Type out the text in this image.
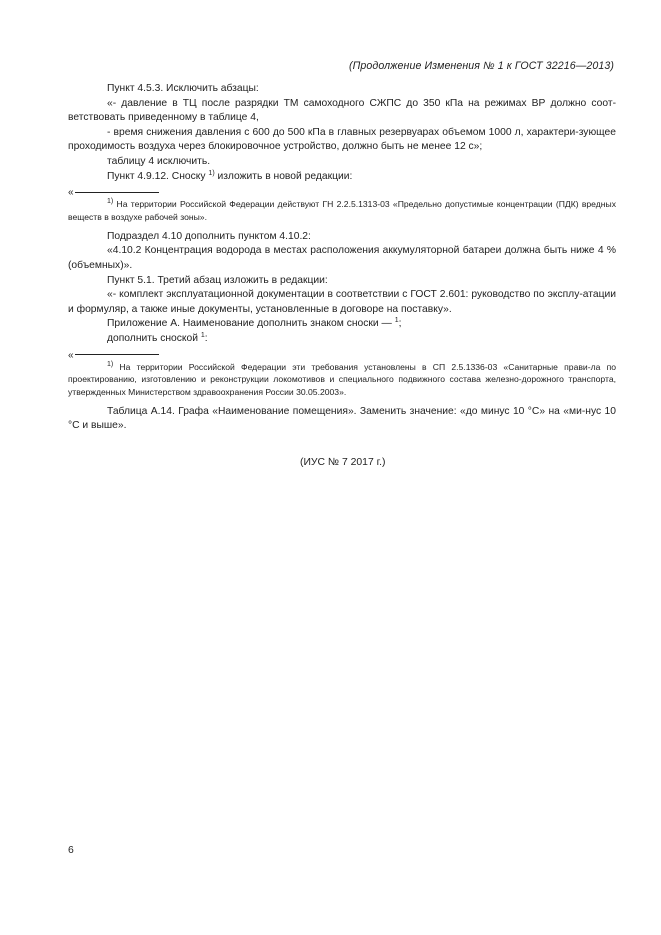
(Продолжение Изменения № 1 к ГОСТ 32216—2013)

Пункт 4.5.3. Исключить абзацы:

«- давление в ТЦ после разрядки ТМ самоходного СЖПС до 350 кПа на режимах ВР должно соот-ветствовать приведенному в таблице 4,

- время снижения давления с 600 до 500 кПа в главных резервуарах объемом 1000 л, характери-зующее проходимость воздуха через блокировочное устройство, должно быть не менее 12 с»;

таблицу 4 исключить.

Пункт 4.9.12. Сноску $^{1)}$ изложить в новой редакции:

«

$^{1)}$ На территории Российской Федерации действуют ГН 2.2.5.1313-03 «Предельно допустимые концентрации (ПДК) вредных веществ в воздухе рабочей зоны».

Подраздел 4.10 дополнить пунктом 4.10.2:

«4.10.2 Концентрация водорода в местах расположения аккумуляторной батареи должна быть ниже 4 % (объемных)».

Пункт 5.1. Третий абзац изложить в редакции:

«- комплект эксплуатационной документации в соответствии с ГОСТ 2.601: руководство по эксплу-атации и формуляр, а также иные документы, установленные в договоре на поставку».

Приложение А. Наименование дополнить знаком сноски — $^1$;

дополнить сноской $^1$:

«

$^{1)}$ На территории Российской Федерации эти требования установлены в СП 2.5.1336-03 «Санитарные прави-ла по проектированию, изготовлению и реконструкции локомотивов и специального подвижного состава железно-дорожного транспорта, утвержденных Министерством здравоохранения России 30.05.2003».

Таблица А.14. Графа «Наименование помещения». Заменить значение: «до минус 10 °С» на «ми-нус 10 °С и выше».

(ИУС № 7 2017 г.)
6
